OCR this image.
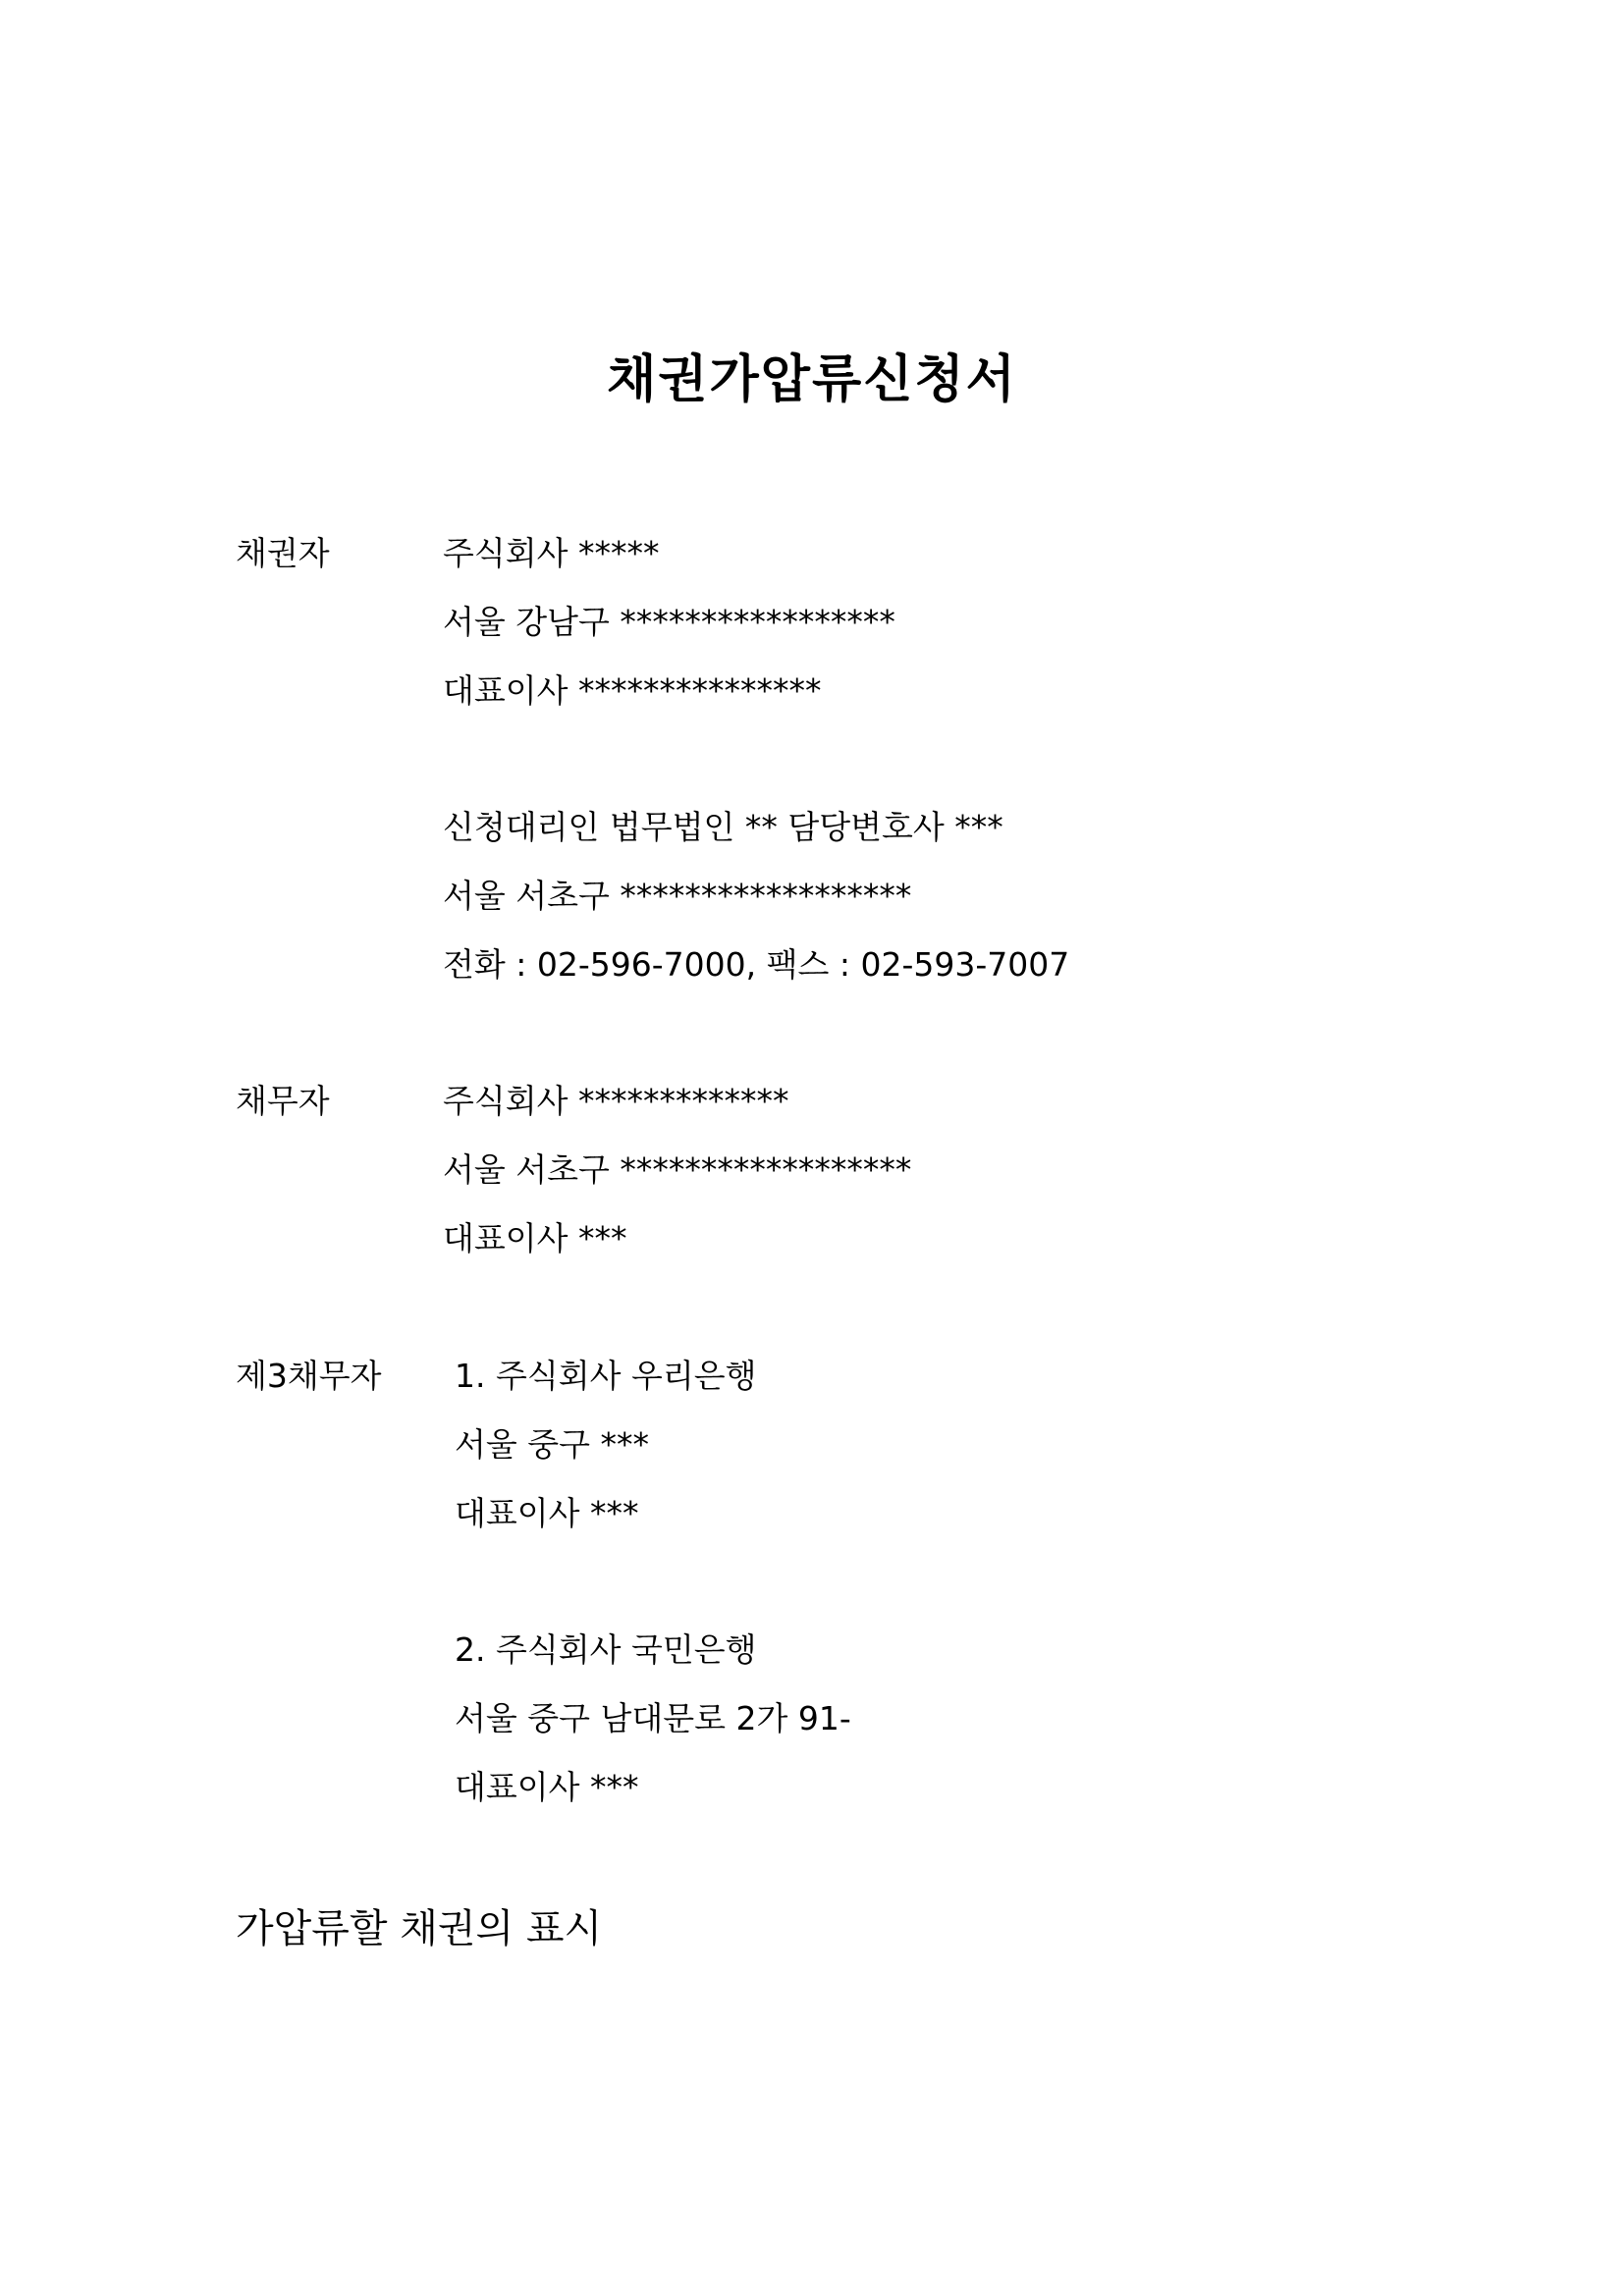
채권가압류신청서
채권자	주식회사 *****
서울 강남구 *****************
대표이사 ***************
신청대리인 법무법인 ** 담당변호사 ***
서울 서초구 ******************
전화 : 02-596-7000, 팩스 : 02-593-7007
채무자	주식회사 *************
서울 서초구 ******************
대표이사 ***
제3채무자 1. 주식회사 우리은행
서울 중구 ***
대표이사 ***
2. 주식회사 국민은행
서울 중구 남대문로 2가 91-
대표이사 ***
가압류할 채권의 표시
